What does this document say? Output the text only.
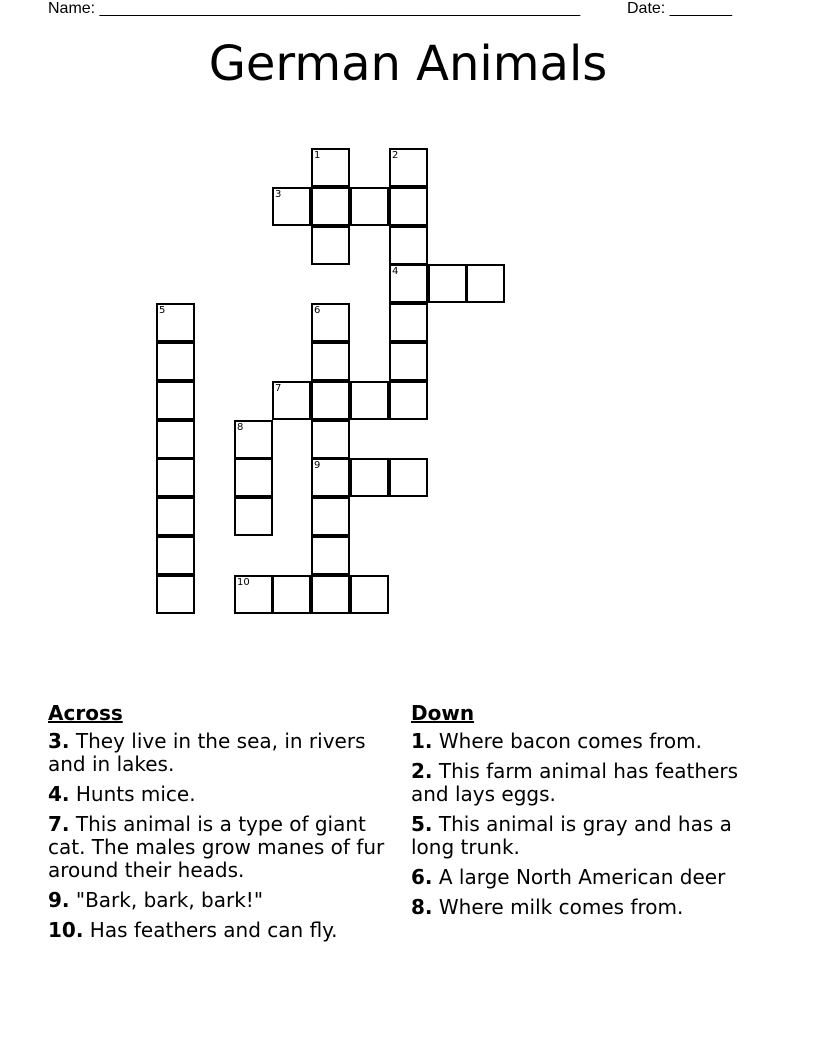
Name: ______________________________________________________	Date: _______
German Animals
1	2
3
4
5	6
7
8
9
10
Across
3. They live in the sea, in rivers and in lakes.
4. Hunts mice.
7. This animal is a type of giant cat. The males grow manes of fur around their heads.
9. "Bark, bark, bark!"
10. Has feathers and can fly.
Down
1. Where bacon comes from.
2. This farm animal has feathers and lays eggs.
5. This animal is gray and has a long trunk.
6. A large North American deer
8. Where milk comes from.
